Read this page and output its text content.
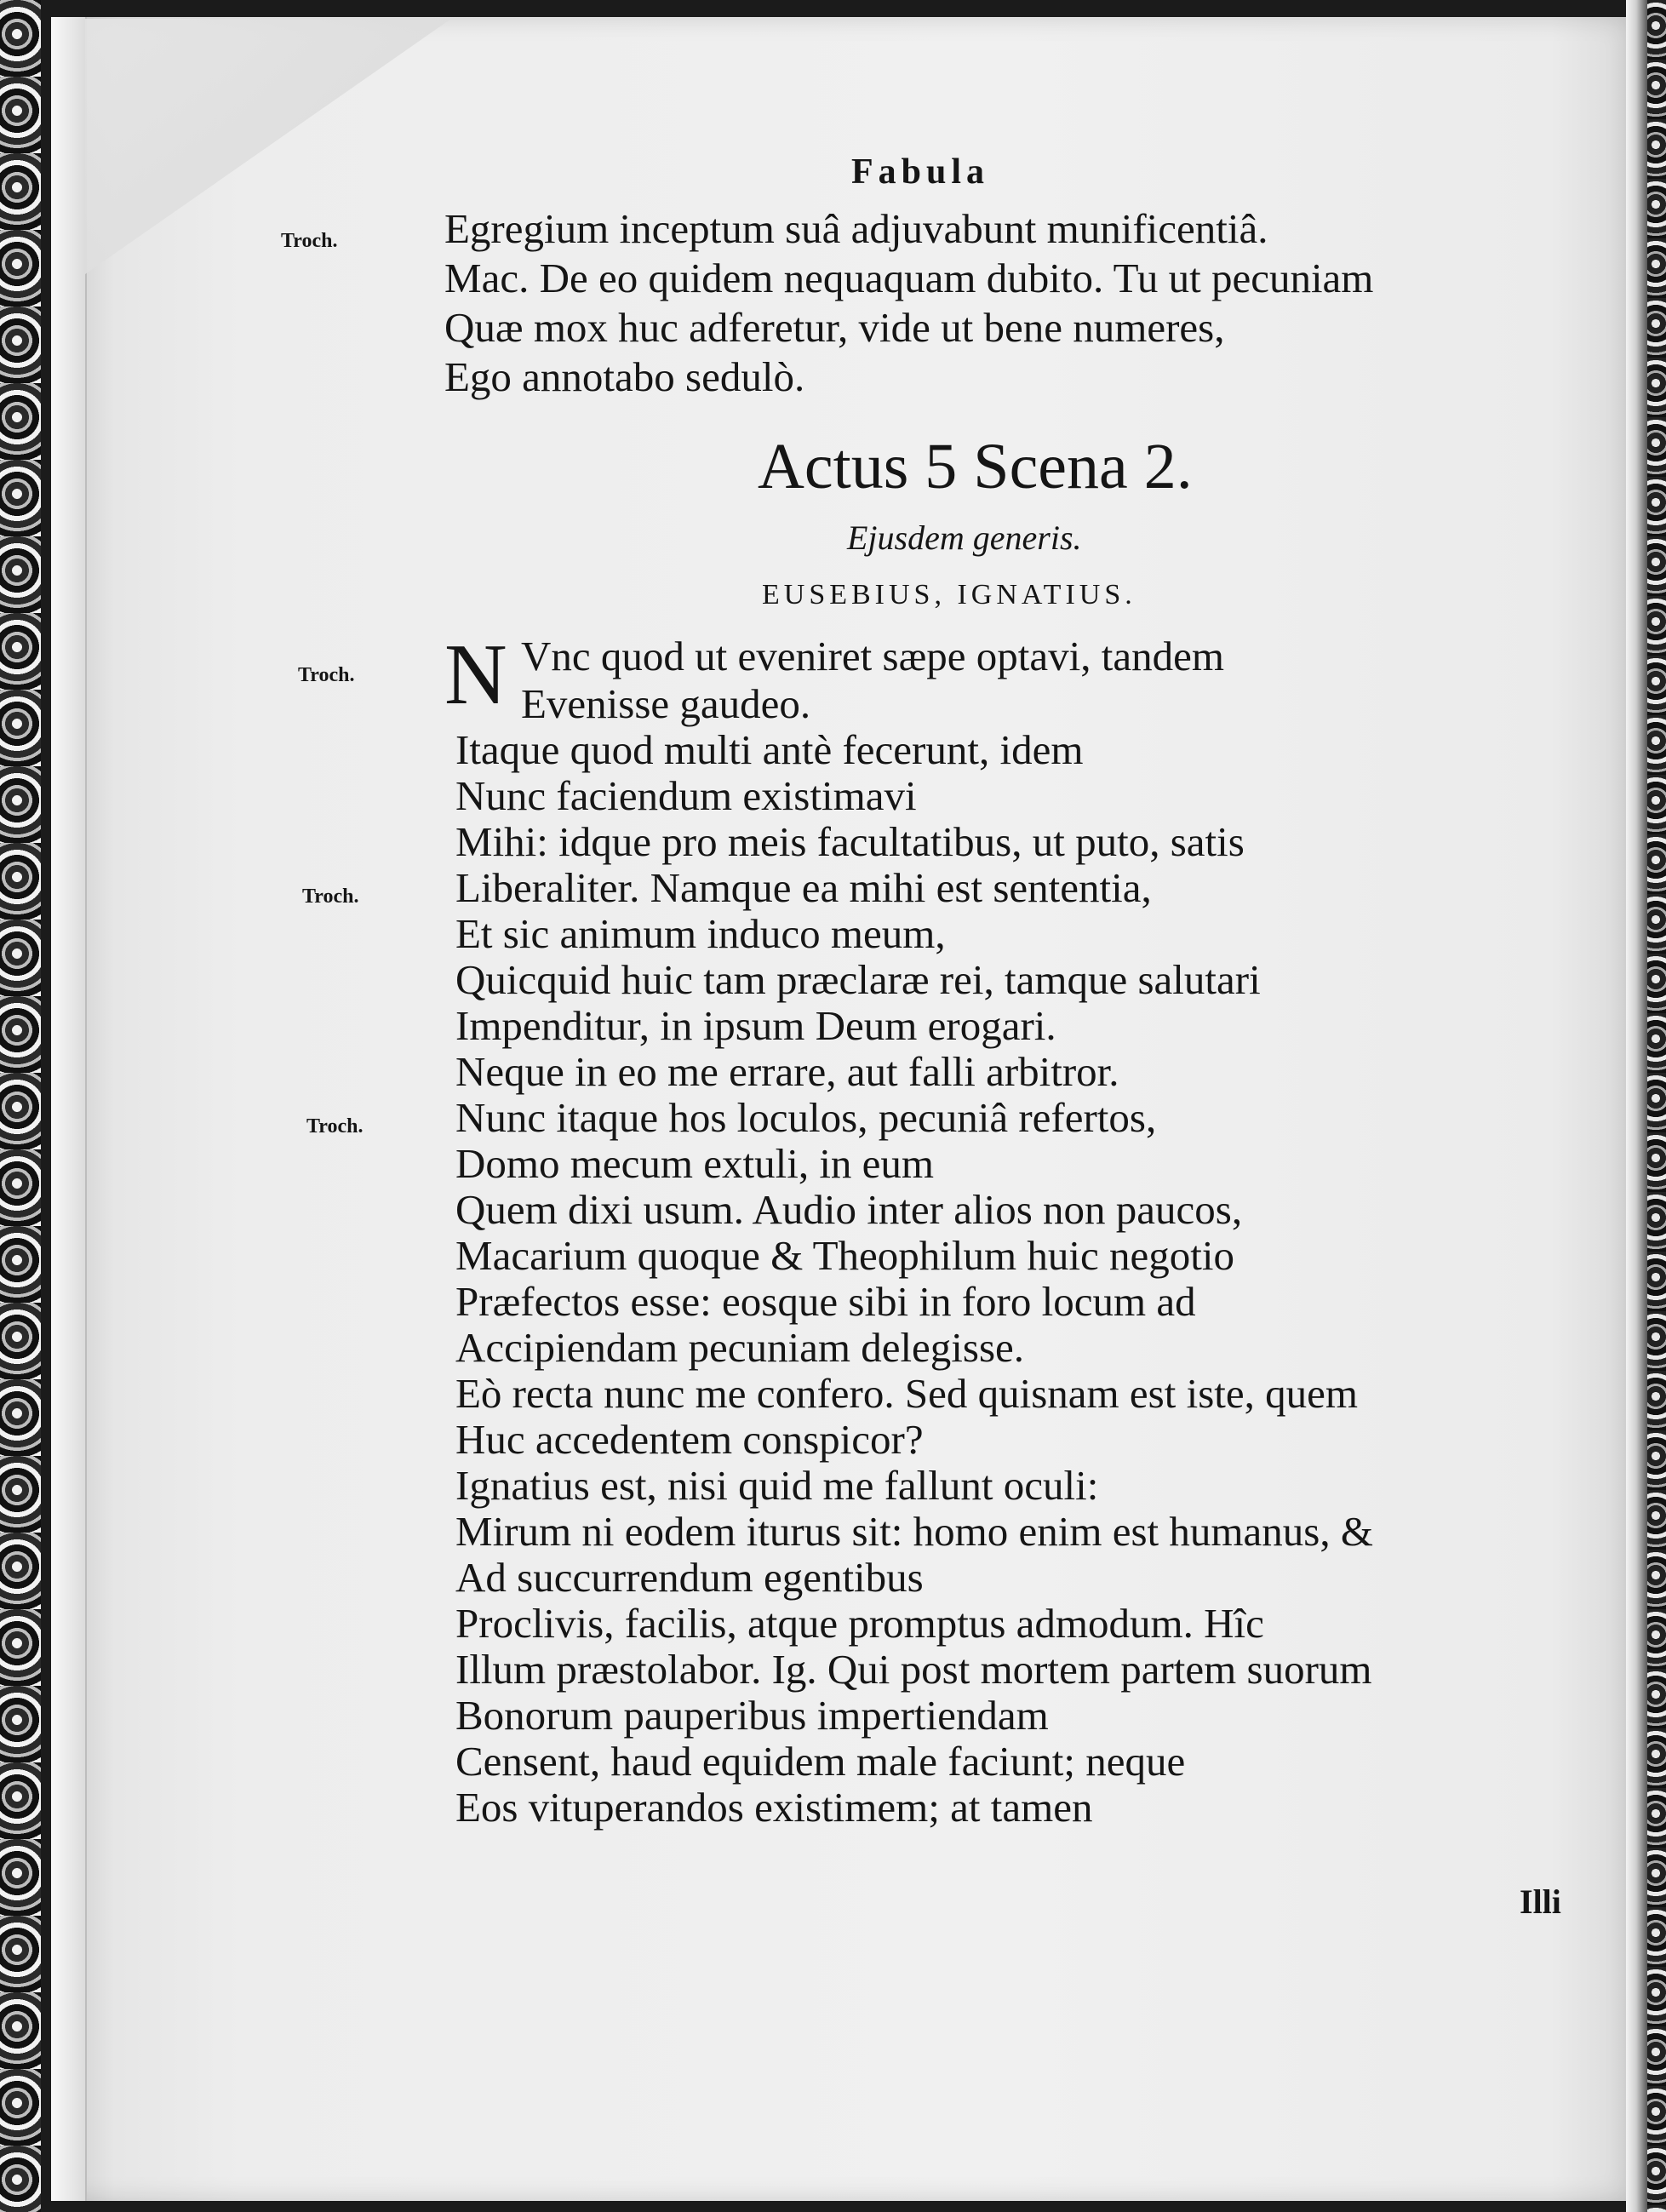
Fabula
Troch.	Egregium inceptum suâ adjuvabunt munificentiâ.
Mac. De eo quidem nequaquam dubito. Tu ut pecuniam
Quæ mox huc adferetur, vide ut bene numeres,
Ego annotabo sedulò.
Actus 5 Scena 2.
Ejusdem generis.
EUSEBIUS, IGNATIUS.
N
Troch.	Vnc quod ut eveniret sæpe optavi, tandem
Evenisse gaudeo.
Itaque quod multi antè fecerunt, idem
Nunc faciendum existimavi
Mihi: idque pro meis facultatibus, ut puto, satis
Troch. Liberaliter. Namque ea mihi est sententia,
Et sic animum induco meum,
Quicquid huic tam præclaræ rei, tamque salutari
Impenditur, in ipsum Deum erogari.
Neque in eo me errare, aut falli arbitror.
Troch. Nunc itaque hos loculos, pecuniâ refertos,
Domo mecum extuli, in eum
Quem dixi usum. Audio inter alios non paucos,
Macarium quoque & Theophilum huic negotio
Præfectos esse: eosque sibi in foro locum ad
Accipiendam pecuniam delegisse.
Eò recta nunc me confero. Sed quisnam est iste, quem
Huc accedentem conspicor?
Ignatius est, nisi quid me fallunt oculi:
Mirum ni eodem iturus sit: homo enim est humanus, &
Ad succurrendum egentibus
Proclivis, facilis, atque promptus admodum. Hîc
Illum præstolabor. Ig. Qui post mortem partem suorum
Bonorum pauperibus impertiendam
Censent, haud equidem male faciunt; neque
Eos vituperandos existimem; at tamen
Illi
